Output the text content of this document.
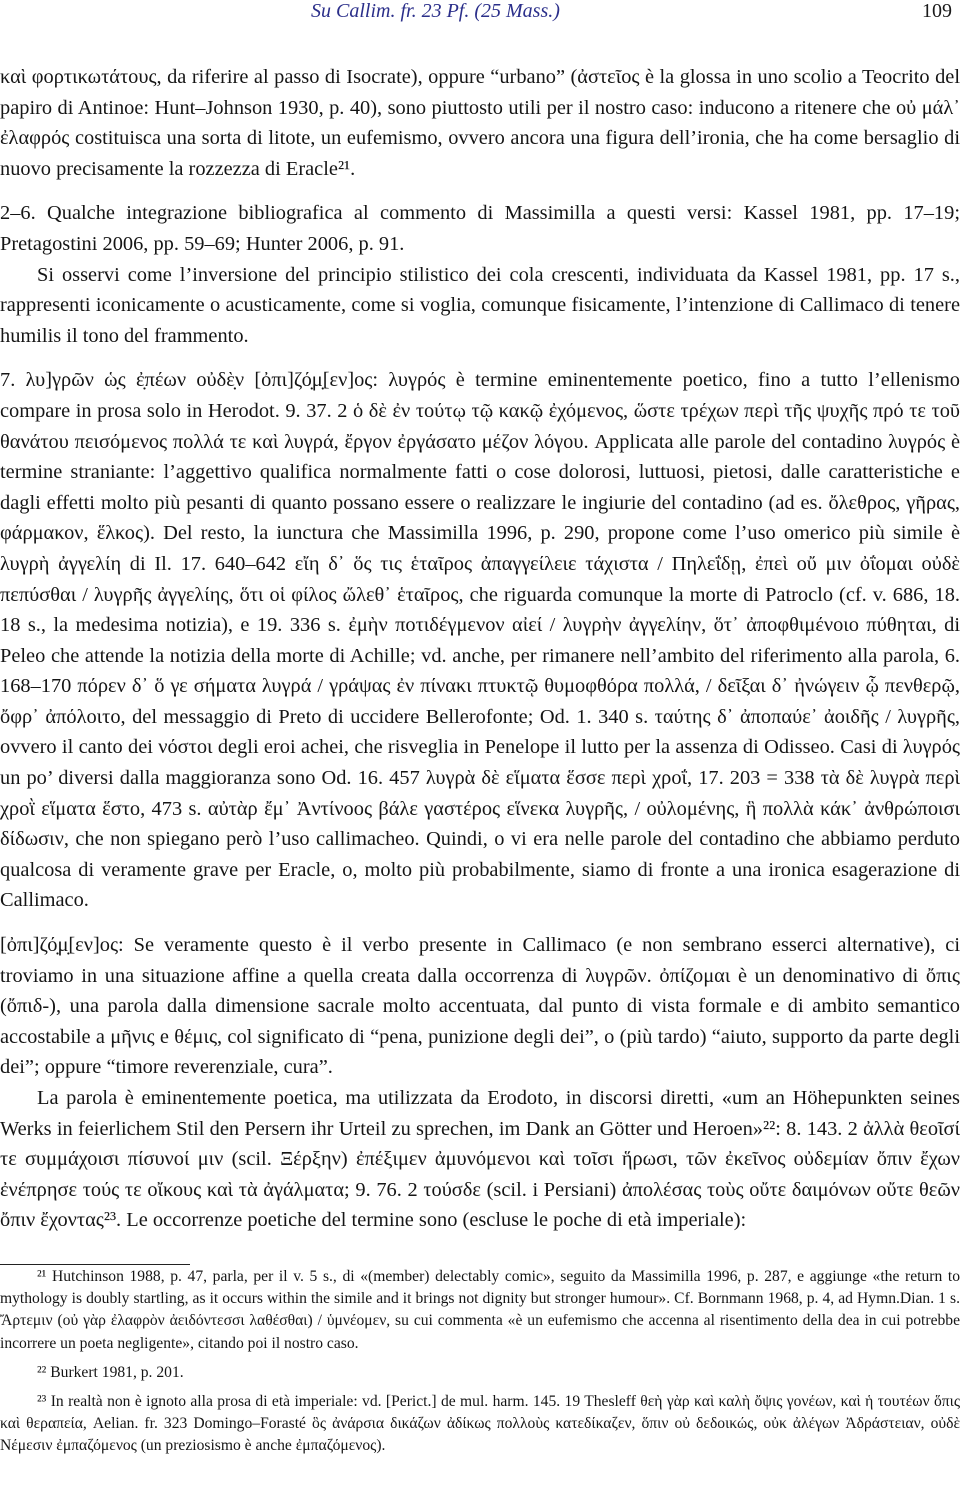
Su Callim. fr. 23 Pf. (25 Mass.)	109

καὶ φορτικωτάτους, da riferire al passo di Isocrate), oppure “urbano” (ἀστεῖος è la glossa in uno scolio a Teocrito del papiro di Antinoe: Hunt–Johnson 1930, p. 40), sono piuttosto utili per il nostro caso: inducono a ritenere che οὐ μάλ᾽ ἐλαφρός costituisca una sorta di litote, un eufemismo, ovvero ancora una figura dell’ironia, che ha come bersaglio di nuovo precisamente la rozzezza di Eracle²¹.

2–6. Qualche integrazione bibliografica al commento di Massimilla a questi versi: Kassel 1981, pp. 17–19; Pretagostini 2006, pp. 59–69; Hunter 2006, p. 91.

Si osservi come l’inversione del principio stilistico dei cola crescenti, individuata da Kassel 1981, pp. 17 s., rappresenti iconicamente o acusticamente, come si voglia, comunque fisicamente, l’intenzione di Callimaco di tenere humilis il tono del frammento.

7. λυ]γρῶν ὡ̣ς ἐ̣πέων οὐδὲ̣ν [ὀπι]ζό̣μ̣[εν]ος: λυγρός è termine eminentemente poetico, fino a tutto l’ellenismo compare in prosa solo in Herodot. 9. 37. 2 ὁ δὲ ἐν τούτῳ τῷ κακῷ ἐχόμενος, ὥστε τρέχων περὶ τῆς ψυχῆς πρό τε τοῦ θανάτου πεισόμενος πολλά τε καὶ λυγρά, ἔργον ἐργάσατο μέζον λόγου. Applicata alle parole del contadino λυγρός è termine straniante: l’aggettivo qualifica normalmente fatti o cose dolorosi, luttuosi, pietosi, dalle caratteristiche e dagli effetti molto più pesanti di quanto possano essere o realizzare le ingiurie del contadino (ad es. ὄλεθρος, γῆρας, φάρμακον, ἕλκος). Del resto, la iunctura che Massimilla 1996, p. 290, propone come l’uso omerico più simile è λυγρὴ ἀγγελίη di Il. 17. 640–642 εἴη δ᾽ ὅς τις ἑταῖρος ἀπαγγείλειε τάχιστα / Πηλεΐδῃ, ἐπεὶ οὔ μιν ὀΐομαι οὐδὲ πεπύσθαι / λυγρῆς ἀγγελίης, ὅτι οἱ φίλος ὤλεθ᾽ ἑταῖρος, che riguarda comunque la morte di Patroclo (cf. v. 686, 18. 18 s., la medesima notizia), e 19. 336 s. ἐμὴν ποτιδέγμενον αἰεί / λυγρὴν ἀγγελίην, ὅτ᾽ ἀποφθιμένοιο πύθηται, di Peleo che attende la notizia della morte di Achille; vd. anche, per rimanere nell’ambito del riferimento alla parola, 6. 168–170 πόρεν δ᾽ ὅ γε σήματα λυγρά / γράψας ἐν πίνακι πτυκτῷ θυμοφθόρα πολλά, / δεῖξαι δ᾽ ἠνώγειν ᾧ πενθερῷ, ὄφρ᾽ ἀπόλοιτο, del messaggio di Preto di uccidere Bellerofonte; Od. 1. 340 s. ταύτης δ᾽ ἀποπαύε᾽ ἀοιδῆς / λυγρῆς, ovvero il canto dei νόστοι degli eroi achei, che risveglia in Penelope il lutto per la assenza di Odisseo. Casi di λυγρός un po’ diversi dalla maggioranza sono Od. 16. 457 λυγρὰ δὲ εἵματα ἕσσε περὶ χροΐ, 17. 203 = 338 τὰ δὲ λυγρὰ περὶ χροῒ εἵματα ἕστο, 473 s. αὐτὰρ ἔμ᾽ Ἀντίνοος βάλε γαστέρος εἵνεκα λυγρῆς, / οὐλομένης, ἣ πολλὰ κάκ᾽ ἀνθρώποισι δίδωσιν, che non spiegano però l’uso callimacheo. Quindi, o vi era nelle parole del contadino che abbiamo perduto qualcosa di veramente grave per Eracle, o, molto più probabilmente, siamo di fronte a una ironica esagerazione di Callimaco.

[ὀπι]ζό̣μ̣[εν]ος: Se veramente questo è il verbo presente in Callimaco (e non sembrano esserci alternative), ci troviamo in una situazione affine a quella creata dalla occorrenza di λυγρῶν. ὀπίζομαι è un denominativo di ὄπις (ὄπιδ-), una parola dalla dimensione sacrale molto accentuata, dal punto di vista formale e di ambito semantico accostabile a μῆνις e θέμις, col significato di “pena, punizione degli dei”, o (più tardo) “aiuto, supporto da parte degli dei”; oppure “timore reverenziale, cura”.

La parola è eminentemente poetica, ma utilizzata da Erodoto, in discorsi diretti, «um an Höhepunkten seines Werks in feierlichem Stil den Persern ihr Urteil zu sprechen, im Dank an Götter und Heroen»²²: 8. 143. 2 ἀλλὰ θεοῖσί τε συμμάχοισι πίσυνοί μιν (scil. Ξέρξην) ἐπέξιμεν ἀμυνόμενοι καὶ τοῖσι ἥρωσι, τῶν ἐκεῖνος οὐδεμίαν ὄπιν ἔχων ἐνέπρησε τούς τε οἴκους καὶ τὰ ἀγάλματα; 9. 76. 2 τούσδε (scil. i Persiani) ἀπολέσας τοὺς οὔτε δαιμόνων οὔτε θεῶν ὄπιν ἔχοντας²³. Le occorrenze poetiche del termine sono (escluse le poche di età imperiale):

²¹ Hutchinson 1988, p. 47, parla, per il v. 5 s., di «(member) delectably comic», seguito da Massimilla 1996, p. 287, e aggiunge «the return to mythology is doubly startling, as it occurs within the simile and it brings not dignity but stronger humour». Cf. Bornmann 1968, p. 4, ad Hymn.Dian. 1 s. Ἄρτεμιν (οὐ γὰρ ἐλαφρὸν ἀειδόντεσσι λαθέσθαι) / ὑμνέομεν, su cui commenta «è un eufemismo che accenna al risentimento della dea in cui potrebbe incorrere un poeta negligente», citando poi il nostro caso.

²² Burkert 1981, p. 201.

²³ In realtà non è ignoto alla prosa di età imperiale: vd. [Perict.] de mul. harm. 145. 19 Thesleff θεὴ γὰρ καὶ καλὴ ὄψις γονέων, καὶ ἡ τουτέων ὅπις καὶ θεραπεία, Aelian. fr. 323 Domingo–Forasté ὃς ἀνάρσια δικάζων ἀδίκως πολλοὺς κατεδίκαζεν, ὅπιν οὐ δεδοικώς, οὐκ ἀλέγων Ἀδράστειαν, οὐδὲ Νέμεσιν ἐμπαζόμενος (un preziosismo è anche ἐμπαζόμενος).
